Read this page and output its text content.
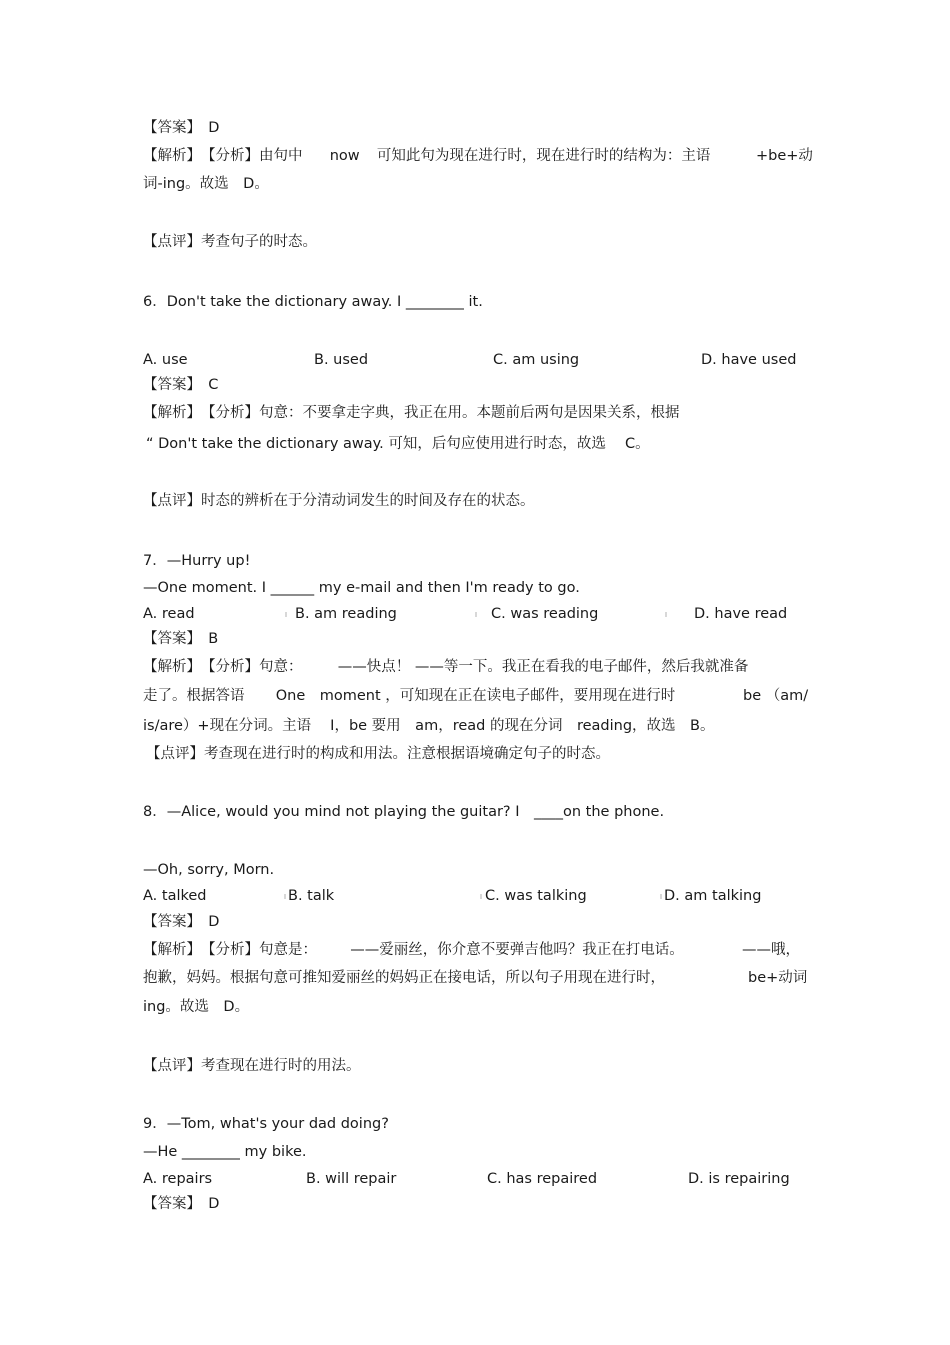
【答案】　D
【解析】　【分析】由句中 now 可知此句为现在进行时，现在进行时的结构为：主语	+be+动
词-ing。故选　D。
【点评】考查句子的时态。
6．Don't take the dictionary away. I ________ it.
A. use	B. used	C. am using	D. have used
【答案】　C
【解析】　【分析】句意：不要拿走字典，我正在用。本题前后两句是因果关系，根据
“ Don't take the dictionary away. 可知，后句应使用进行时态，故选　 C。
【点评】时态的辨析在于分清动词发生的时间及存在的状态。
7．—Hurry up!
—One moment. I ______ my e-mail and then I'm ready to go.
A. read	B. am reading	C. was reading	D. have read
【答案】　B
【解析】　【分析】句意： ——快点！ ——等一下。我正在看我的电子邮件，然后我就准备
走了。根据答语 One　moment ，可知现在正在读电子邮件，要用现在进行时	be （am/
is/are）+现在分词。主语　 I，be 要用　am，read 的现在分词　reading，故选　B。
【点评】考查现在进行时的构成和用法。注意根据语境确定句子的时态。
8．—Alice, would you mind not playing the guitar? I　____on the phone.
—Oh, sorry, Morn.
A. talked	B. talk	C. was talking	D. am talking
【答案】　D
【解析】　【分析】句意是： ——爱丽丝，你介意不要弹吉他吗？我正在打电话。	——哦，
抱歉，妈妈。根据句意可推知爱丽丝的妈妈正在接电话，所以句子用现在进行时，	be+动词
ing。故选　D。
【点评】考查现在进行时的用法。
9．—Tom, what's your dad doing?
—He ________ my bike.
A. repairs	B. will repair	C. has repaired	D. is repairing
【答案】　D
